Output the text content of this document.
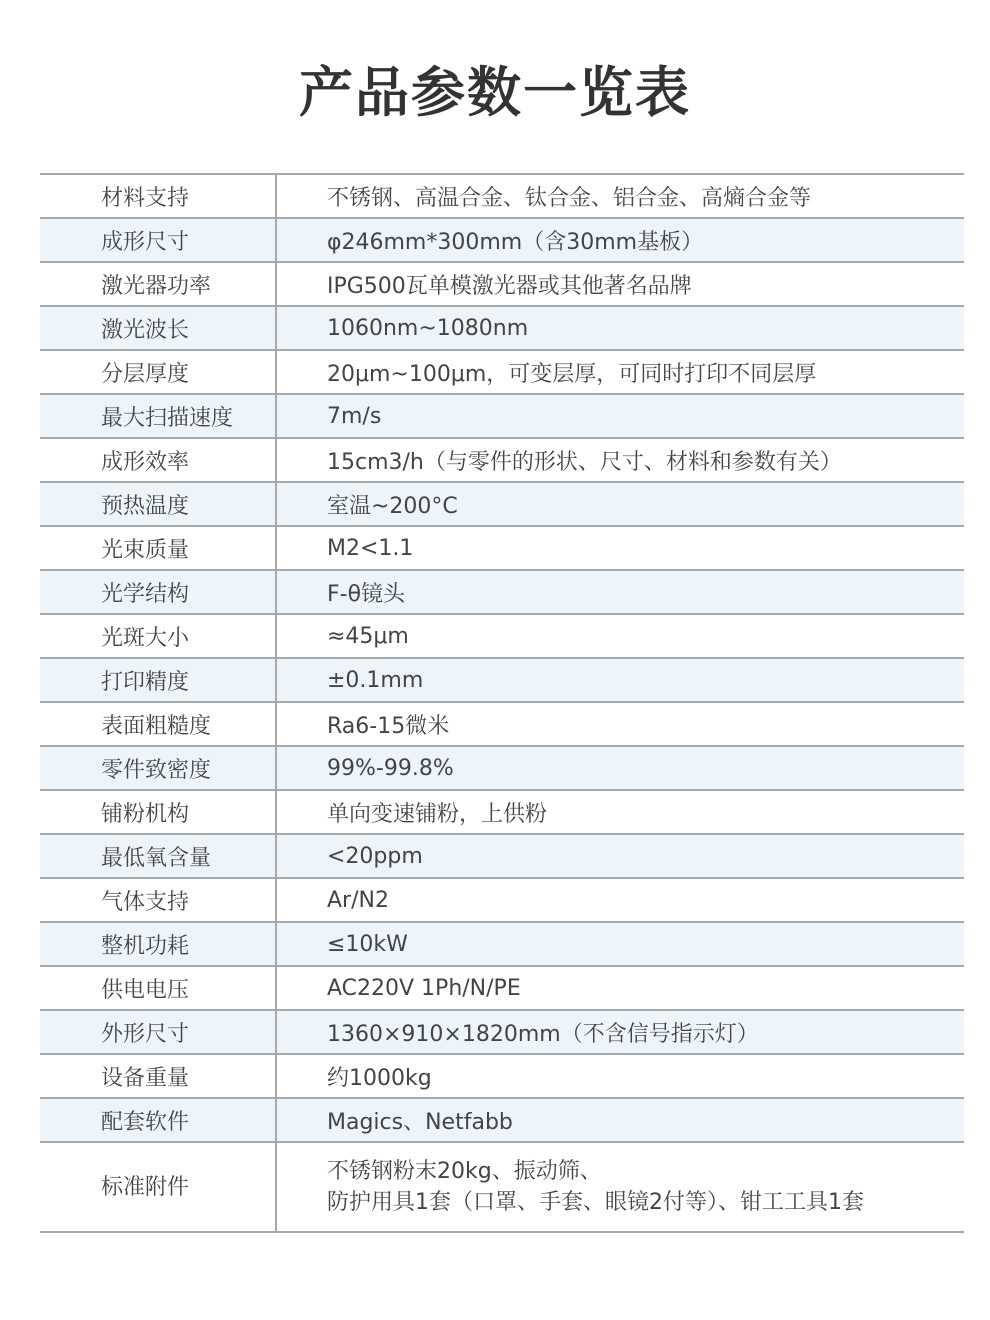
产品参数一览表
材料支持	不锈钢、高温合金、钛合金、铝合金、高熵合金等
成形尺寸	φ246mm*300mm（含30mm基板）
激光器功率	IPG500瓦单模激光器或其他著名品牌
激光波长	1060nm~1080nm
分层厚度	20μm~100μm，可变层厚，可同时打印不同层厚
最大扫描速度	7m/s
成形效率	15cm3/h（与零件的形状、尺寸、材料和参数有关）
预热温度	室温~200°C
光束质量	M2<1.1
光学结构	F-θ镜头
光斑大小	≈45μm
打印精度	±0.1mm
表面粗糙度	Ra6-15微米
零件致密度	99%-99.8%
铺粉机构	单向变速铺粉，上供粉
最低氧含量	<20ppm
气体支持	Ar/N2
整机功耗	≤10kW
供电电压	AC220V 1Ph/N/PE
外形尺寸	1360×910×1820mm（不含信号指示灯）
设备重量	约1000kg
配套软件	Magics、Netfabb
标准附件	不锈钢粉末20kg、振动筛、
防护用具1套（口罩、手套、眼镜2付等）、钳工工具1套
